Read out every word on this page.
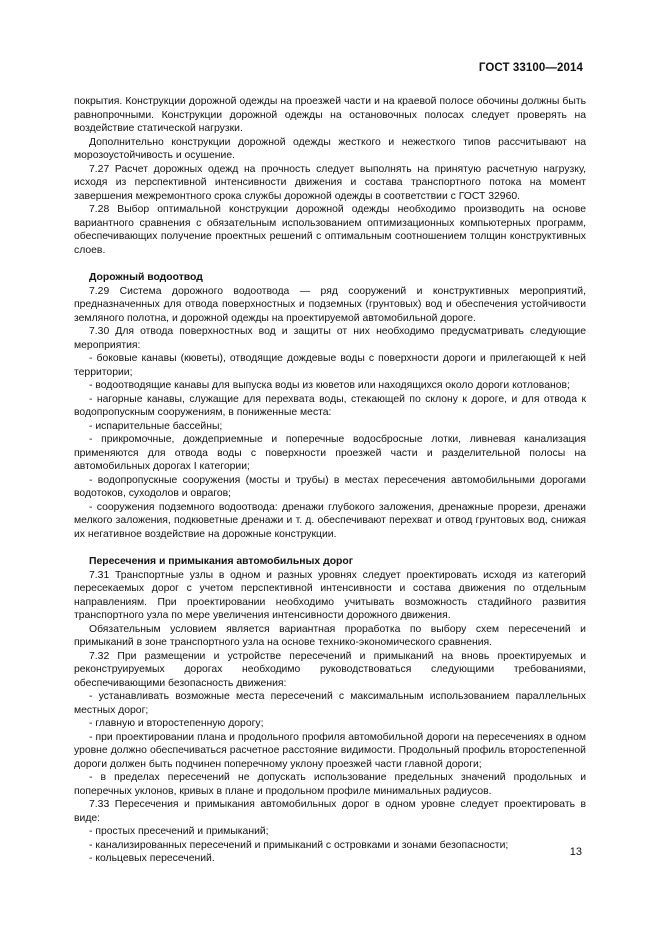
ГОСТ 33100—2014

покрытия. Конструкции дорожной одежды на проезжей части и на краевой полосе обочины должны быть равнопрочными. Конструкции дорожной одежды на остановочных полосах следует проверять на воздействие статической нагрузки.

Дополнительно конструкции дорожной одежды жесткого и нежесткого типов рассчитывают на морозоустойчивость и осушение.

7.27 Расчет дорожных одежд на прочность следует выполнять на принятую расчетную нагрузку, исходя из перспективной интенсивности движения и состава транспортного потока на момент завершения межремонтного срока службы дорожной одежды в соответствии с ГОСТ 32960.

7.28 Выбор оптимальной конструкции дорожной одежды необходимо производить на основе вариантного сравнения с обязательным использованием оптимизационных компьютерных программ, обеспечивающих получение проектных решений с оптимальным соотношением толщин конструктивных слоев.

Дорожный водоотвод

7.29 Система дорожного водоотвода — ряд сооружений и конструктивных мероприятий, предназначенных для отвода поверхностных и подземных (грунтовых) вод и обеспечения устойчивости земляного полотна, и дорожной одежды на проектируемой автомобильной дороге.

7.30 Для отвода поверхностных вод и защиты от них необходимо предусматривать следующие мероприятия:

- боковые канавы (кюветы), отводящие дождевые воды с поверхности дороги и прилегающей к ней территории;

- водоотводящие канавы для выпуска воды из кюветов или находящихся около дороги котлованов;

- нагорные канавы, служащие для перехвата воды, стекающей по склону к дороге, и для отвода к водопропускным сооружениям, в пониженные места:

- испарительные бассейны;

- прикромочные, дождеприемные и поперечные водосбросные лотки, ливневая канализация применяются для отвода воды с поверхности проезжей части и разделительной полосы на автомобильных дорогах I категории;

- водопропускные сооружения (мосты и трубы) в местах пересечения автомобильными дорогами водотоков, суходолов и оврагов;

- сооружения подземного водоотвода: дренажи глубокого заложения, дренажные прорези, дренажи мелкого заложения, подкюветные дренажи и т. д. обеспечивают перехват и отвод грунтовых вод, снижая их негативное воздействие на дорожные конструкции.

Пересечения и примыкания автомобильных дорог

7.31 Транспортные узлы в одном и разных уровнях следует проектировать исходя из категорий пересекаемых дорог с учетом перспективной интенсивности и состава движения по отдельным направлениям. При проектировании необходимо учитывать возможность стадийного развития транспортного узла по мере увеличения интенсивности дорожного движения.

Обязательным условием является вариантная проработка по выбору схем пересечений и примыканий в зоне транспортного узла на основе технико-экономического сравнения.

7.32 При размещении и устройстве пересечений и примыканий на вновь проектируемых и реконструируемых дорогах необходимо руководствоваться следующими требованиями, обеспечивающими безопасность движения:

- устанавливать возможные места пересечений с максимальным использованием параллельных местных дорог;

- главную и второстепенную дорогу;

- при проектировании плана и продольного профиля автомобильной дороги на пересечениях в одном уровне должно обеспечиваться расчетное расстояние видимости. Продольный профиль второстепенной дороги должен быть подчинен поперечному уклону проезжей части главной дороги;

- в пределах пересечений не допускать использование предельных значений продольных и поперечных уклонов, кривых в плане и продольном профиле минимальных радиусов.

7.33 Пересечения и примыкания автомобильных дорог в одном уровне следует проектировать в виде:

- простых пресечений и примыканий;

- канализированных пересечений и примыканий с островками и зонами безопасности;

- кольцевых пересечений.

13
